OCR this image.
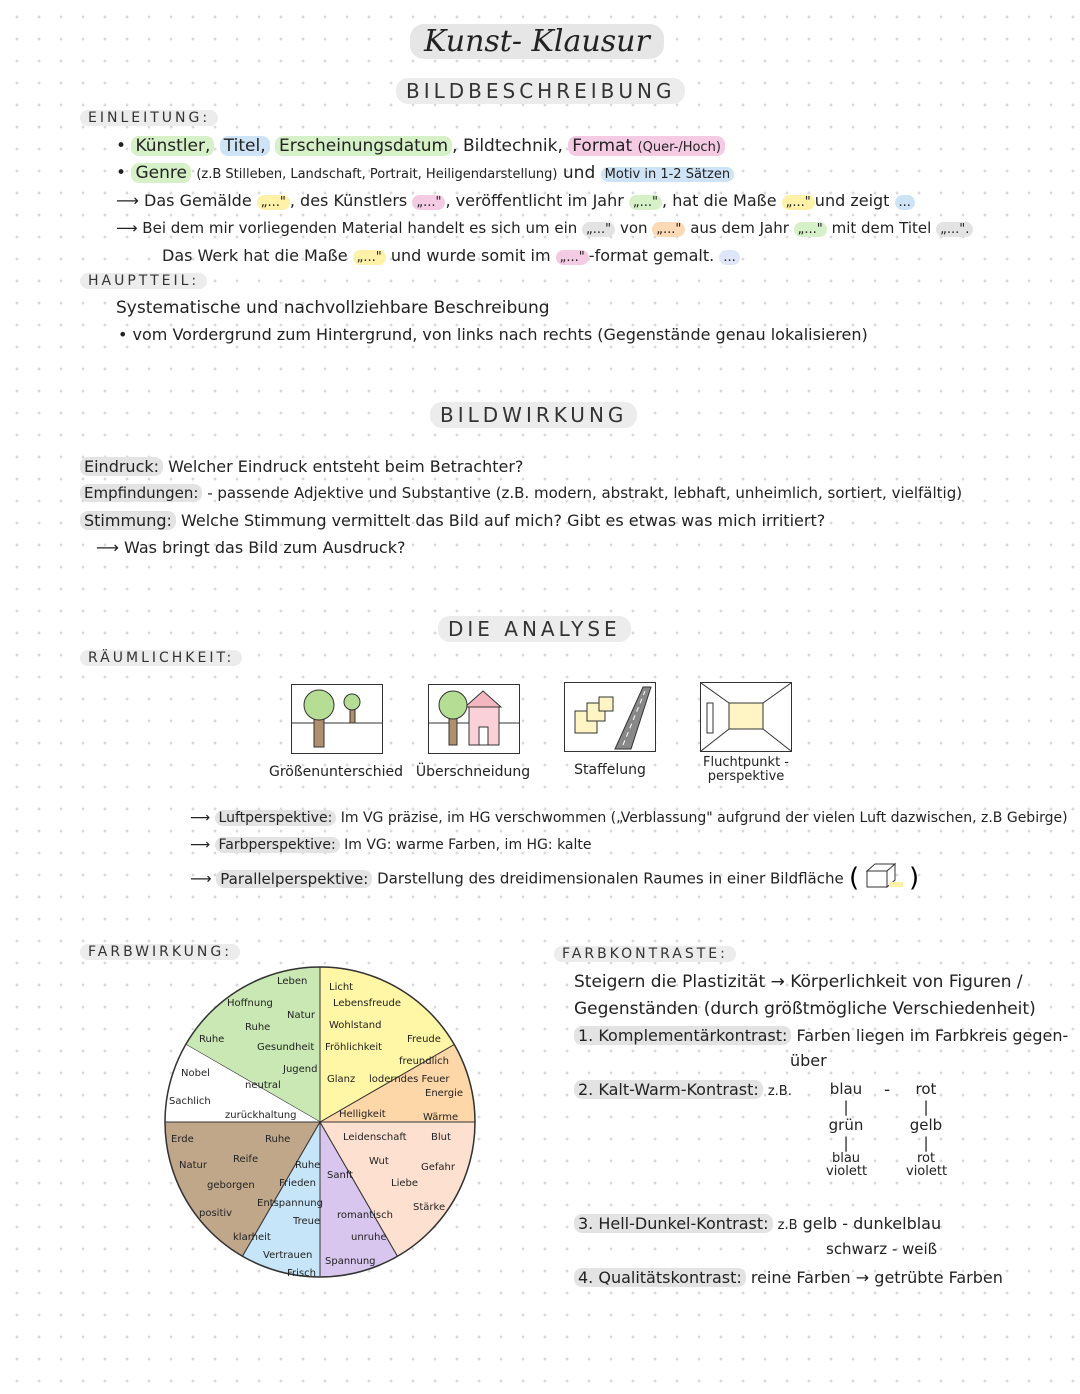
Kunst- Klausur
BILDBESCHREIBUNG
EINLEITUNG:
• Künstler, Titel, Erscheinungsdatum , Bildtechnik, Format (Quer-/Hoch)
• Genre (z.B Stilleben, Landschaft, Portrait, Heiligendarstellung) und Motiv in 1-2 Sätzen
⟶ Das Gemälde „..." , des Künstlers „..." , veröffentlicht im Jahr „..." , hat die Maße „..." und zeigt ...
⟶ Bei dem mir vorliegenden Material handelt es sich um ein „..." von „..." aus dem Jahr „..." mit dem Titel „...".
Das Werk hat die Maße „..." und wurde somit im „..." -format gemalt. ...
HAUPTTEIL:
Systematische und nachvollziehbare Beschreibung
• vom Vordergrund zum Hintergrund, von links nach rechts (Gegenstände genau lokalisieren)
BILDWIRKUNG
Eindruck: Welcher Eindruck entsteht beim Betrachter?
Empfindungen: - passende Adjektive und Substantive (z.B. modern, abstrakt, lebhaft, unheimlich, sortiert, vielfältig)
Stimmung: Welche Stimmung vermittelt das Bild auf mich? Gibt es etwas was mich irritiert?
⟶ Was bringt das Bild zum Ausdruck?
DIE ANALYSE
RÄUMLICHKEIT:
Größenunterschied Überschneidung	Staffelung	Fluchtpunkt - perspektive
⟶ Luftperspektive: Im VG präzise, im HG verschwommen („Verblassung" aufgrund der vielen Luft dazwischen, z.B Gebirge)
⟶ Farbperspektive: Im VG: warme Farben, im HG: kalte
⟶ Parallelperspektive: Darstellung des dreidimensionalen Raumes in einer Bildfläche ( )
FARBWIRKUNG:
Leben
Hoffnung
Natur
Ruhe
Gesundheit
Jugend
Ruhe
Nobel
Sachlich
neutral
zurückhaltung
Licht
Lebensfreude
Wohlstand
Fröhlichkeit
Glanz loderndes Feuer
Helligkeit
Freude
freundlich
Energie
Wärme
Leidenschaft Blut
Wut
Gefahr
Liebe
Stärke
romantisch
unruhe
Spannung
Ruhe
Frieden
Sanft
Entspannung
Treue
klarheit
Vertrauen
Frisch
Erde	Ruhe
Natur
Reife
geborgen
positiv
FARBKONTRASTE:
Steigern die Plastizität → Körperlichkeit von Figuren /
Gegenständen (durch größtmögliche Verschiedenheit)
1. Komplementärkontrast: Farben liegen im Farbkreis gegen-
über
2. Kalt-Warm-Kontrast: z.B.	blau
|
grün
|
blau violett
-	rot
|
gelb
|
rot violett
3. Hell-Dunkel-Kontrast: z.B gelb - dunkelblau
schwarz - weiß
4. Qualitätskontrast: reine Farben → getrübte Farben
